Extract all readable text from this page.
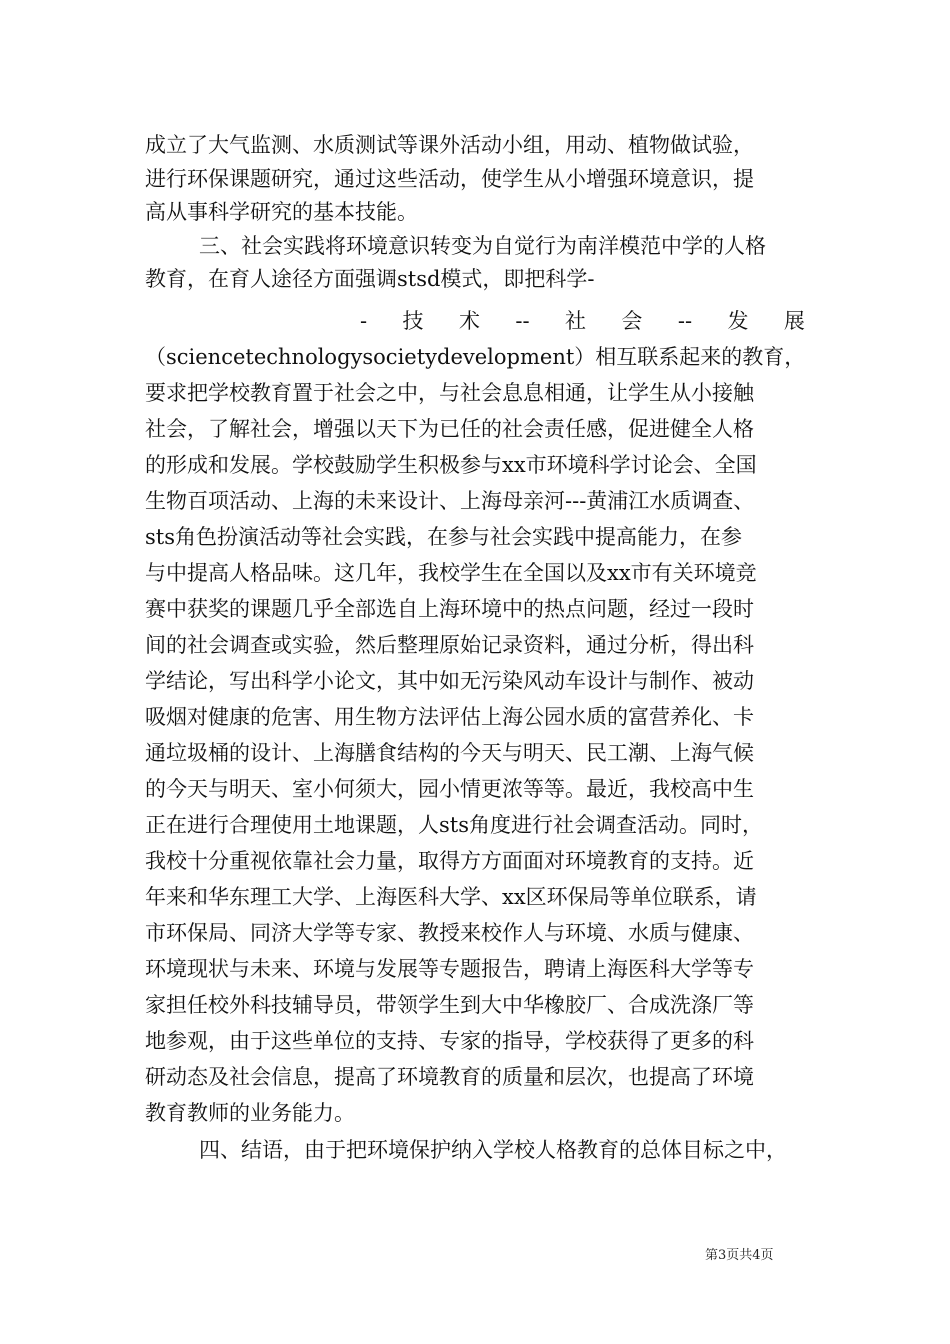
成立了大气监测、水质测试等课外活动小组，用动、植物做试验，
进行环保课题研究，通过这些活动，使学生从小增强环境意识，提
高从事科学研究的基本技能。
三、社会实践将环境意识转变为自觉行为南洋模范中学的人格
教育，在育人途径方面强调stsd模式，即把科学-
- 技 术 -- 社 会 -- 发 展
（sciencetechnologysocietydevelopment）相互联系起来的教育，
要求把学校教育置于社会之中，与社会息息相通，让学生从小接触
社会，了解社会，增强以天下为已任的社会责任感，促进健全人格
的形成和发展。学校鼓励学生积极参与xx市环境科学讨论会、全国
生物百项活动、上海的未来设计、上海母亲河---黄浦江水质调查、
sts角色扮演活动等社会实践，在参与社会实践中提高能力，在参
与中提高人格品味。这几年，我校学生在全国以及xx市有关环境竞
赛中获奖的课题几乎全部选自上海环境中的热点问题，经过一段时
间的社会调查或实验，然后整理原始记录资料，通过分析，得出科
学结论，写出科学小论文，其中如无污染风动车设计与制作、被动
吸烟对健康的危害、用生物方法评估上海公园水质的富营养化、卡
通垃圾桶的设计、上海膳食结构的今天与明天、民工潮、上海气候
的今天与明天、室小何须大，园小情更浓等等。最近，我校高中生
正在进行合理使用土地课题，人sts角度进行社会调查活动。同时，
我校十分重视依靠社会力量，取得方方面面对环境教育的支持。近
年来和华东理工大学、上海医科大学、xx区环保局等单位联系，请
市环保局、同济大学等专家、教授来校作人与环境、水质与健康、
环境现状与未来、环境与发展等专题报告，聘请上海医科大学等专
家担任校外科技辅导员，带领学生到大中华橡胶厂、合成洗涤厂等
地参观，由于这些单位的支持、专家的指导，学校获得了更多的科
研动态及社会信息，提高了环境教育的质量和层次，也提高了环境
教育教师的业务能力。
四、结语，由于把环境保护纳入学校人格教育的总体目标之中，
第3页共4页
